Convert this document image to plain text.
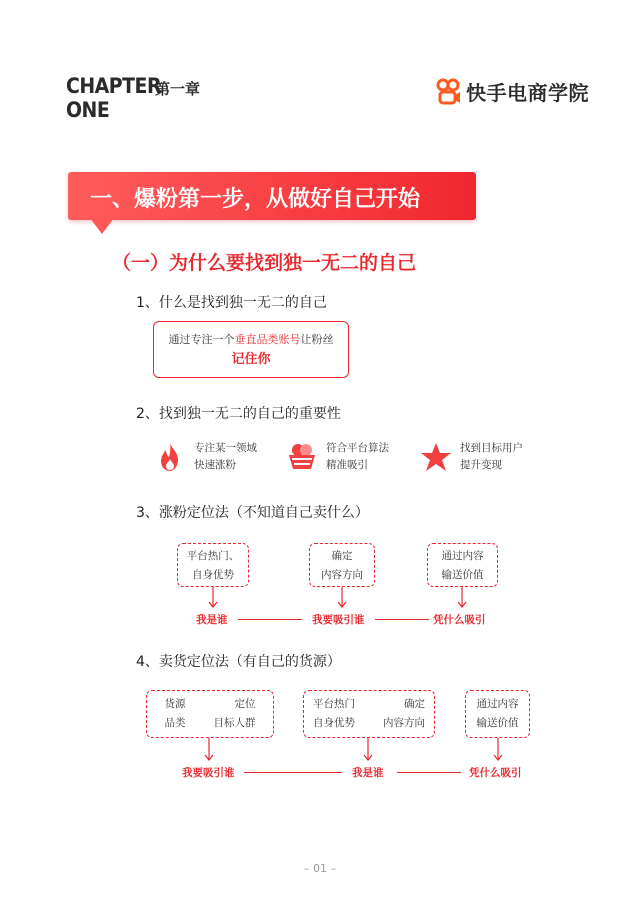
CHAPTER
ONE
第一章	快手电商学院
一、爆粉第一步，从做好自己开始
（一）为什么要找到独一无二的自己
1、什么是找到独一无二的自己
通过专注一个垂直品类账号让粉丝
记住你
2、找到独一无二的自己的重要性
专注某一领域
快速涨粉
符合平台算法
精准吸引
找到目标用户
提升变现
3、涨粉定位法（不知道自己卖什么）
平台热门、
自身优势
确定
内容方向
通过内容
输送价值
我是谁	我要吸引谁	凭什么吸引
4、卖货定位法（有自己的货源）
货源	定位
品类	目标人群
平台热门	确定
自身优势	内容方向
通过内容
输送价值
我要吸引谁	我是谁	凭什么吸引
– 01 –
